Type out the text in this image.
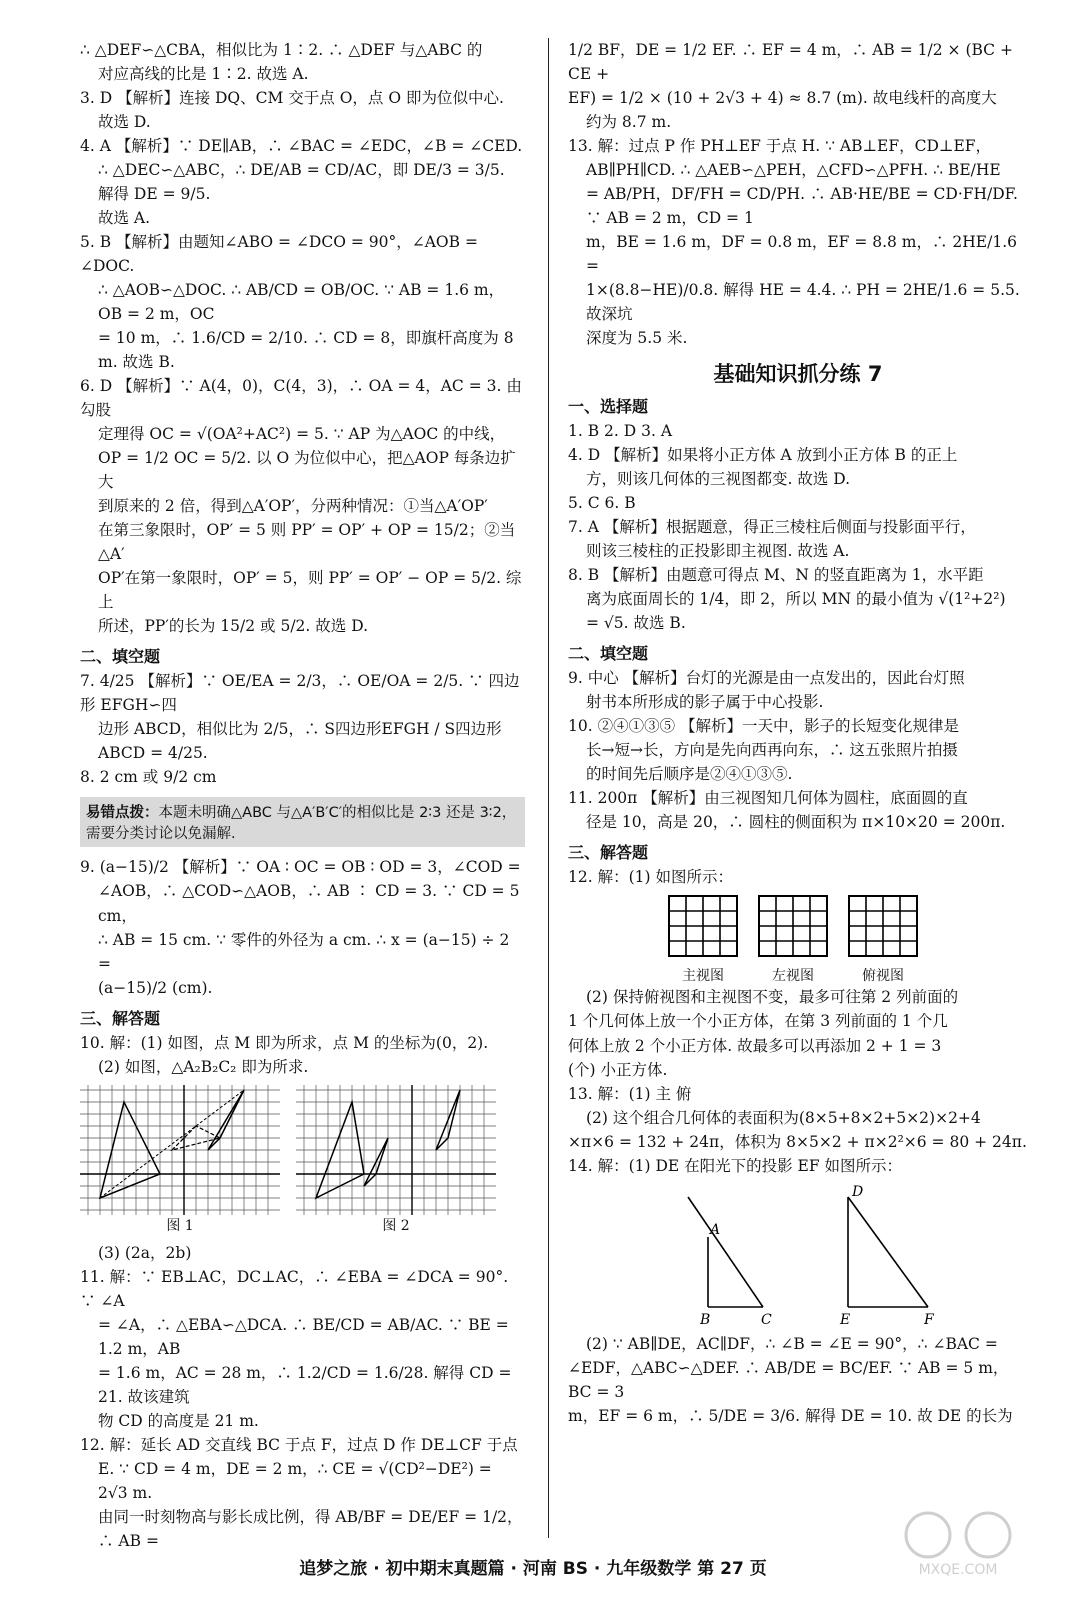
∴ △DEF∽△CBA，相似比为 1∶2. ∴ △DEF 与△ABC 的

对应高线的比是 1∶2. 故选 A.

3. D 【解析】连接 DQ、CM 交于点 O，点 O 即为位似中心.

故选 D.

4. A 【解析】∵ DE∥AB，∴ ∠BAC = ∠EDC，∠B = ∠CED.

∴ △DEC∽△ABC，∴ DE/AB = CD/AC，即 DE/3 = 3/5. 解得 DE = 9/5.

故选 A.

5. B 【解析】由题知∠ABO = ∠DCO = 90°，∠AOB = ∠DOC.

∴ △AOB∽△DOC. ∴ AB/CD = OB/OC. ∵ AB = 1.6 m，OB = 2 m，OC

= 10 m，∴ 1.6/CD = 2/10. ∴ CD = 8，即旗杆高度为 8 m. 故选 B.

6. D 【解析】∵ A(4，0)，C(4，3)，∴ OA = 4，AC = 3. 由勾股

定理得 OC = √(OA²+AC²) = 5. ∵ AP 为△AOC 的中线，

OP = 1/2 OC = 5/2. 以 O 为位似中心，把△AOP 每条边扩大

到原来的 2 倍，得到△A′OP′，分两种情况：①当△A′OP′

在第三象限时，OP′ = 5 则 PP′ = OP′ + OP = 15/2；②当△A′

OP′在第一象限时，OP′ = 5，则 PP′ = OP′ − OP = 5/2. 综上

所述，PP′的长为 15/2 或 5/2. 故选 D.

二、填空题

7. 4/25 【解析】∵ OE/EA = 2/3，∴ OE/OA = 2/5. ∵ 四边形 EFGH∽四

边形 ABCD，相似比为 2/5，∴ S四边形EFGH / S四边形ABCD = 4/25.

8. 2 cm 或 9/2 cm

易错点拨：本题未明确△ABC 与△A′B′C′的相似比是 2∶3 还是 3∶2，需要分类讨论以免漏解.

9. (a−15)/2 【解析】∵ OA ∶ OC = OB ∶ OD = 3，∠COD =

∠AOB，∴ △COD∽△AOB，∴ AB ∶ CD = 3. ∵ CD = 5 cm，

∴ AB = 15 cm. ∵ 零件的外径为 a cm. ∴ x = (a−15) ÷ 2 =

(a−15)/2 (cm).

三、解答题

10. 解：(1) 如图，点 M 即为所求，点 M 的坐标为(0，2).

(2) 如图，△A₂B₂C₂ 即为所求.

图 1	图 2

(3) (2a，2b)

11. 解：∵ EB⊥AC，DC⊥AC，∴ ∠EBA = ∠DCA = 90°. ∵ ∠A

= ∠A，∴ △EBA∽△DCA. ∴ BE/CD = AB/AC. ∵ BE = 1.2 m，AB

= 1.6 m，AC = 28 m，∴ 1.2/CD = 1.6/28. 解得 CD = 21. 故该建筑

物 CD 的高度是 21 m.

12. 解：延长 AD 交直线 BC 于点 F，过点 D 作 DE⊥CF 于点

E. ∵ CD = 4 m，DE = 2 m，∴ CE = √(CD²−DE²) = 2√3 m.

由同一时刻物高与影长成比例，得 AB/BF = DE/EF = 1/2，∴ AB =

1/2 BF，DE = 1/2 EF. ∴ EF = 4 m，∴ AB = 1/2 × (BC + CE +

EF) = 1/2 × (10 + 2√3 + 4) ≈ 8.7 (m). 故电线杆的高度大

约为 8.7 m.

13. 解：过点 P 作 PH⊥EF 于点 H. ∵ AB⊥EF，CD⊥EF，

AB∥PH∥CD. ∴ △AEB∽△PEH，△CFD∽△PFH. ∴ BE/HE

= AB/PH，DF/FH = CD/PH. ∴ AB·HE/BE = CD·FH/DF. ∵ AB = 2 m，CD = 1

m，BE = 1.6 m，DF = 0.8 m，EF = 8.8 m，∴ 2HE/1.6 =

1×(8.8−HE)/0.8. 解得 HE = 4.4. ∴ PH = 2HE/1.6 = 5.5. 故深坑

深度为 5.5 米.

基础知识抓分练 7

一、选择题

1. B 2. D 3. A

4. D 【解析】如果将小正方体 A 放到小正方体 B 的正上

方，则该几何体的三视图都变. 故选 D.

5. C 6. B

7. A 【解析】根据题意，得正三棱柱后侧面与投影面平行，

则该三棱柱的正投影即主视图. 故选 A.

8. B 【解析】由题意可得点 M、N 的竖直距离为 1，水平距

离为底面周长的 1/4，即 2，所以 MN 的最小值为 √(1²+2²)

= √5. 故选 B.

二、填空题

9. 中心 【解析】台灯的光源是由一点发出的，因此台灯照

射书本所形成的影子属于中心投影.

10. ②④①③⑤ 【解析】一天中，影子的长短变化规律是

长→短→长，方向是先向西再向东，∴ 这五张照片拍摄

的时间先后顺序是②④①③⑤.

11. 200π 【解析】由三视图知几何体为圆柱，底面圆的直

径是 10，高是 20，∴ 圆柱的侧面积为 π×10×20 = 200π.

三、解答题

12. 解：(1) 如图所示：

主视图	左视图	俯视图

(2) 保持俯视图和主视图不变，最多可往第 2 列前面的

1 个几何体上放一个小正方体，在第 3 列前面的 1 个几

何体上放 2 个小正方体. 故最多可以再添加 2 + 1 = 3

(个) 小正方体.

13. 解：(1) 主 俯

(2) 这个组合几何体的表面积为(8×5+8×2+5×2)×2+4

×π×6 = 132 + 24π，体积为 8×5×2 + π×2²×6 = 80 + 24π.

14. 解：(1) DE 在阳光下的投影 EF 如图所示：

A
B	C
D
E	F

(2) ∵ AB∥DE，AC∥DF，∴ ∠B = ∠E = 90°，∴ ∠BAC =

∠EDF，△ABC∽△DEF. ∴ AB/DE = BC/EF. ∵ AB = 5 m，BC = 3

m，EF = 6 m，∴ 5/DE = 3/6. 解得 DE = 10. 故 DE 的长为

追梦之旅 · 初中期末真题篇 · 河南 BS · 九年级数学 第 27 页	MXQE.COM
